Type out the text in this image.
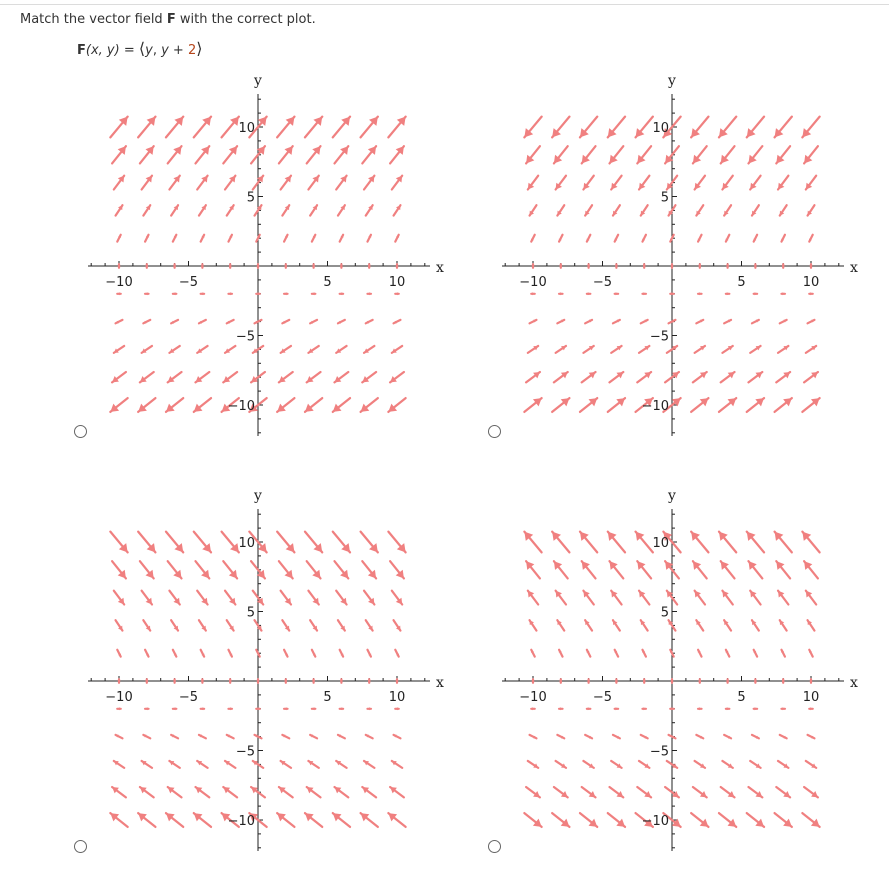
Match the vector field F with the correct plot.
F(x, y) = ⟨y, y + 2⟩
x
y
−10	−5	5	10
10
5
−5
−10
x
y
−10	−5	5	10
10
5
−5
−10
x
y
−10	−5	5	10
10
5
−5
−10
x
y
−10	−5	5	10
10
5
−5
−10
